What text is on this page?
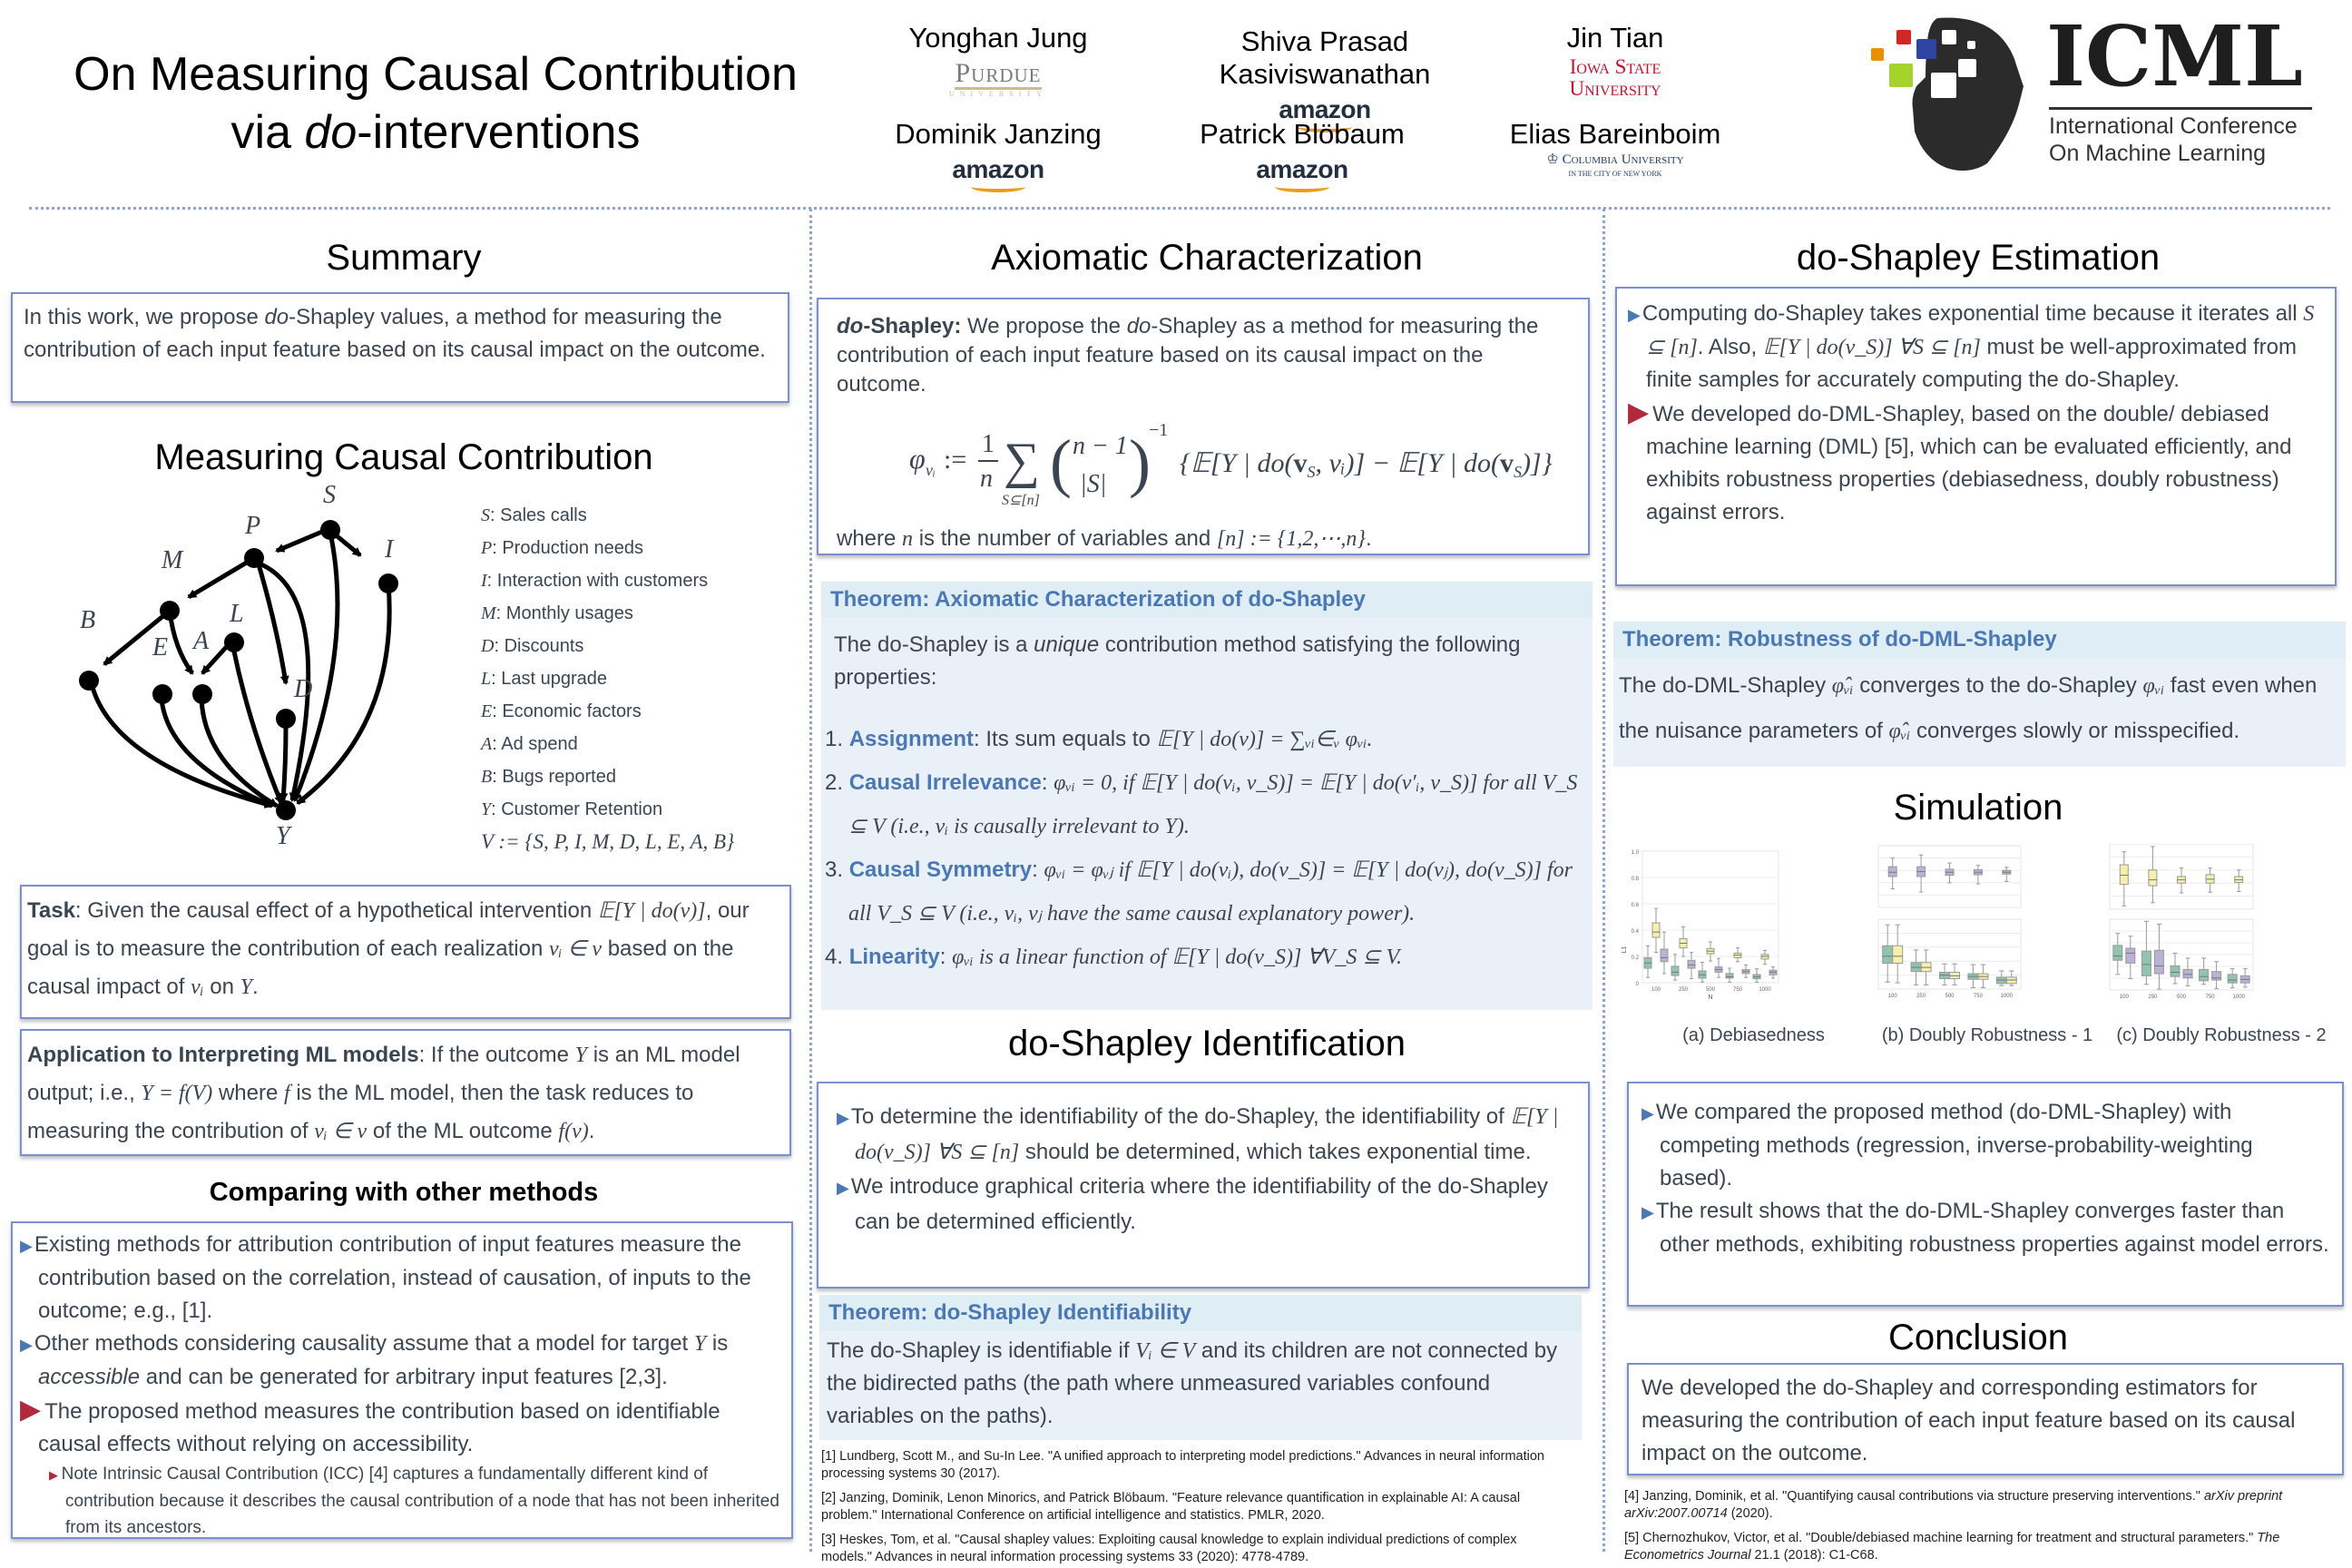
On Measuring Causal Contribution
via do-interventions
Yonghan Jung
Purdue
UNIVERSITY
Shiva Prasad Kasiviswanathan
amazon
Jin Tian
Iowa State
University
Dominik Janzing
amazon
Patrick Blöbaum
amazon
Elias Bareinboim
♔ Columbia University
IN THE CITY OF NEW YORK
ICML
International Conference
On Machine Learning
Summary
In this work, we propose do-Shapley values, a method for measuring the contribution of each input feature based on its causal impact on the outcome.
Measuring Causal Contribution
S
P
I
M
B
E A
L
D
Y
S: Sales calls
P: Production needs
I: Interaction with customers
M: Monthly usages
D: Discounts
L: Last upgrade
E: Economic factors
A: Ad spend
B: Bugs reported
Y: Customer Retention
V := {S, P, I, M, D, L, E, A, B}
Task: Given the causal effect of a hypothetical intervention 𝔼[Y | do(v)], our goal is to measure the contribution of each realization vᵢ ∈ v based on the causal impact of vᵢ on Y.
Application to Interpreting ML models: If the outcome Y is an ML model output; i.e., Y = f(V) where f is the ML model, then the task reduces to measuring the contribution of vᵢ ∈ v of the ML outcome f(v).
Comparing with other methods
▶Existing methods for attribution contribution of input features measure the contribution based on the correlation, instead of causation, of inputs to the outcome; e.g., [1].
▶Other methods considering causality assume that a model for target Y is accessible and can be generated for arbitrary input features [2,3].
▶ The proposed method measures the contribution based on identifiable causal effects without relying on accessibility.
▶ Note Intrinsic Causal Contribution (ICC) [4] captures a fundamentally different kind of contribution because it describes the causal contribution of a node that has not been inherited from its ancestors.
Axiomatic Characterization
do-Shapley: We propose the do-Shapley as a method for measuring the contribution of each input feature based on its causal impact on the outcome.
φ vᵢ :=
1
n ∑
S⊆[n]
( n − 1
|S| )
−1
{𝔼[Y | $do(v_S$, vᵢ)] − 𝔼[Y | $do(v_S)$]}
where n is the number of variables and [n] := {1,2,⋯,n}.
Theorem: Axiomatic Characterization of do-Shapley
The do-Shapley is a unique contribution method satisfying the following properties:
1. Assignment: Its sum equals to 𝔼[Y | do(v)] = ∑ᵥᵢ∈ᵥ φᵥᵢ.
2. Causal Irrelevance: φᵥᵢ = 0, if 𝔼[Y | do(vᵢ, v_S)] = 𝔼[Y | do(v′ᵢ, v_S)] for all V_S ⊆ V (i.e., vᵢ is causally irrelevant to Y).
3. Causal Symmetry: φᵥᵢ = φᵥⱼ if 𝔼[Y | do(vᵢ), do(v_S)] = 𝔼[Y | do(vⱼ), do(v_S)] for all V_S ⊆ V (i.e., vᵢ, vⱼ have the same causal explanatory power).
4. Linearity: φᵥᵢ is a linear function of 𝔼[Y | do(v_S)] ∀V_S ⊆ V.
do-Shapley Identification
▶To determine the identifiability of the do-Shapley, the identifiability of 𝔼[Y | do(v_S)] ∀S ⊆ [n] should be determined, which takes exponential time.
▶We introduce graphical criteria where the identifiability of the do-Shapley can be determined efficiently.
Theorem: do-Shapley Identifiability
The do-Shapley is identifiable if Vᵢ ∈ V and its children are not connected by the bidirected paths (the path where unmeasured variables confound variables on the paths).

[1] Lundberg, Scott M., and Su-In Lee. "A unified approach to interpreting model predictions." Advances in neural information processing systems 30 (2017).

[2] Janzing, Dominik, Lenon Minorics, and Patrick Blöbaum. "Feature relevance quantification in explainable AI: A causal problem." International Conference on artificial intelligence and statistics. PMLR, 2020.

[3] Heskes, Tom, et al. "Causal shapley values: Exploiting causal knowledge to explain individual predictions of complex models." Advances in neural information processing systems 33 (2020): 4778-4789.

do-Shapley Estimation
▶Computing do-Shapley takes exponential time because it iterates all S ⊆ [n]. Also, 𝔼[Y | do(v_S)] ∀S ⊆ [n] must be well-approximated from finite samples for accurately computing the do-Shapley.
▶ We developed do-DML-Shapley, based on the double/ debiased machine learning (DML) [5], which can be evaluated efficiently, and exhibits robustness properties (debiasedness, doubly robustness) against errors.
Theorem: Robustness of do-DML-Shapley
The do-DML-Shapley φ̂ᵥᵢ converges to the do-Shapley φᵥᵢ fast even when the nuisance parameters of φ̂ᵥᵢ converges slowly or misspecified.
Simulation
0
0.2
0.4
0.6
0.8
1.0
L1
100	250	500	750	1000
N	100	250	500	750	1000	100	250	500	750	1000
(a) Debiasedness	(b) Doubly Robustness - 1	(c) Doubly Robustness - 2
▶We compared the proposed method (do-DML-Shapley) with competing methods (regression, inverse-probability-weighting based).
▶The result shows that the do-DML-Shapley converges faster than other methods, exhibiting robustness properties against model errors.
Conclusion
We developed the do-Shapley and corresponding estimators for measuring the contribution of each input feature based on its causal impact on the outcome.

[4] Janzing, Dominik, et al. "Quantifying causal contributions via structure preserving interventions." arXiv preprint arXiv:2007.00714 (2020).

[5] Chernozhukov, Victor, et al. "Double/debiased machine learning for treatment and structural parameters." The Econometrics Journal 21.1 (2018): C1-C68.
